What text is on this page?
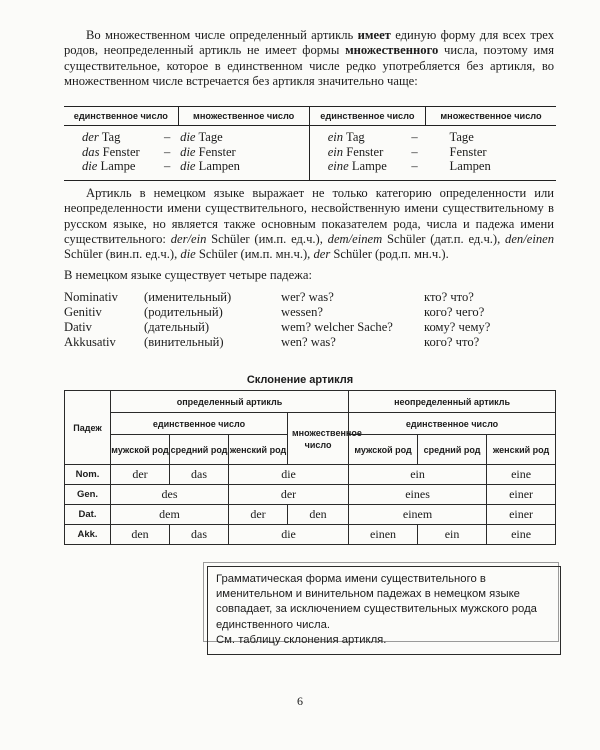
Во множественном числе определенный артикль имеет единую форму для всех трех родов, неопределенный артикль не имеет формы множественного числа, поэтому имя существительное, которое в единственном числе редко употребляется без артикля, во множественном числе встречается без артикля значительно чаще:

единственное число			множественное число	единственное число			множественное число
	der Tag	–	die Tage		ein Tag	–	Tage
	das Fenster	–	die Fenster		ein Fenster	–	Fenster
	die Lampe	–	die Lampen		eine Lampe	–	Lampen

Артикль в немецком языке выражает не только категорию определенности или неопределенности имени существительного, несвойственную имени существительному в русском языке, но является также основным показателем рода, числа и падежа имени существительного: der/ein Schüler (им.п. ед.ч.), dem/einem Schüler (дат.п. ед.ч.), den/einen Schüler (вин.п. ед.ч.), die Schüler (им.п. мн.ч.), der Schüler (род.п. мн.ч.).

В немецком языке существует четыре падежа:

Nominativ (именительный)	wer? was?	кто? что?
Genitiv	(родительный)	wessen?	кого? чего?
Dativ	(дательный)	wem? welcher Sache? кому? чему?
Akkusativ (винительный)	wen? was?	кого? что?
Склонение артикля
Падеж	определенный артикль				неопределенный артикль		
	единственное число			множественное число	единственное число		
	мужской род	средний род	женский род		мужской род	средний род	женский род
Nom.	der	das	die		ein		eine
Gen.	des		der		eines		einer
Dat.	dem		der	den	einem		einer
Akk.	den	das	die		einen	ein	eine
Грамматическая форма имени существительного в именительном и винительном падежах в немецком языке совпадает, за исключением существительных мужского рода единственного числа.
См. таблицу склонения артикля.
6
